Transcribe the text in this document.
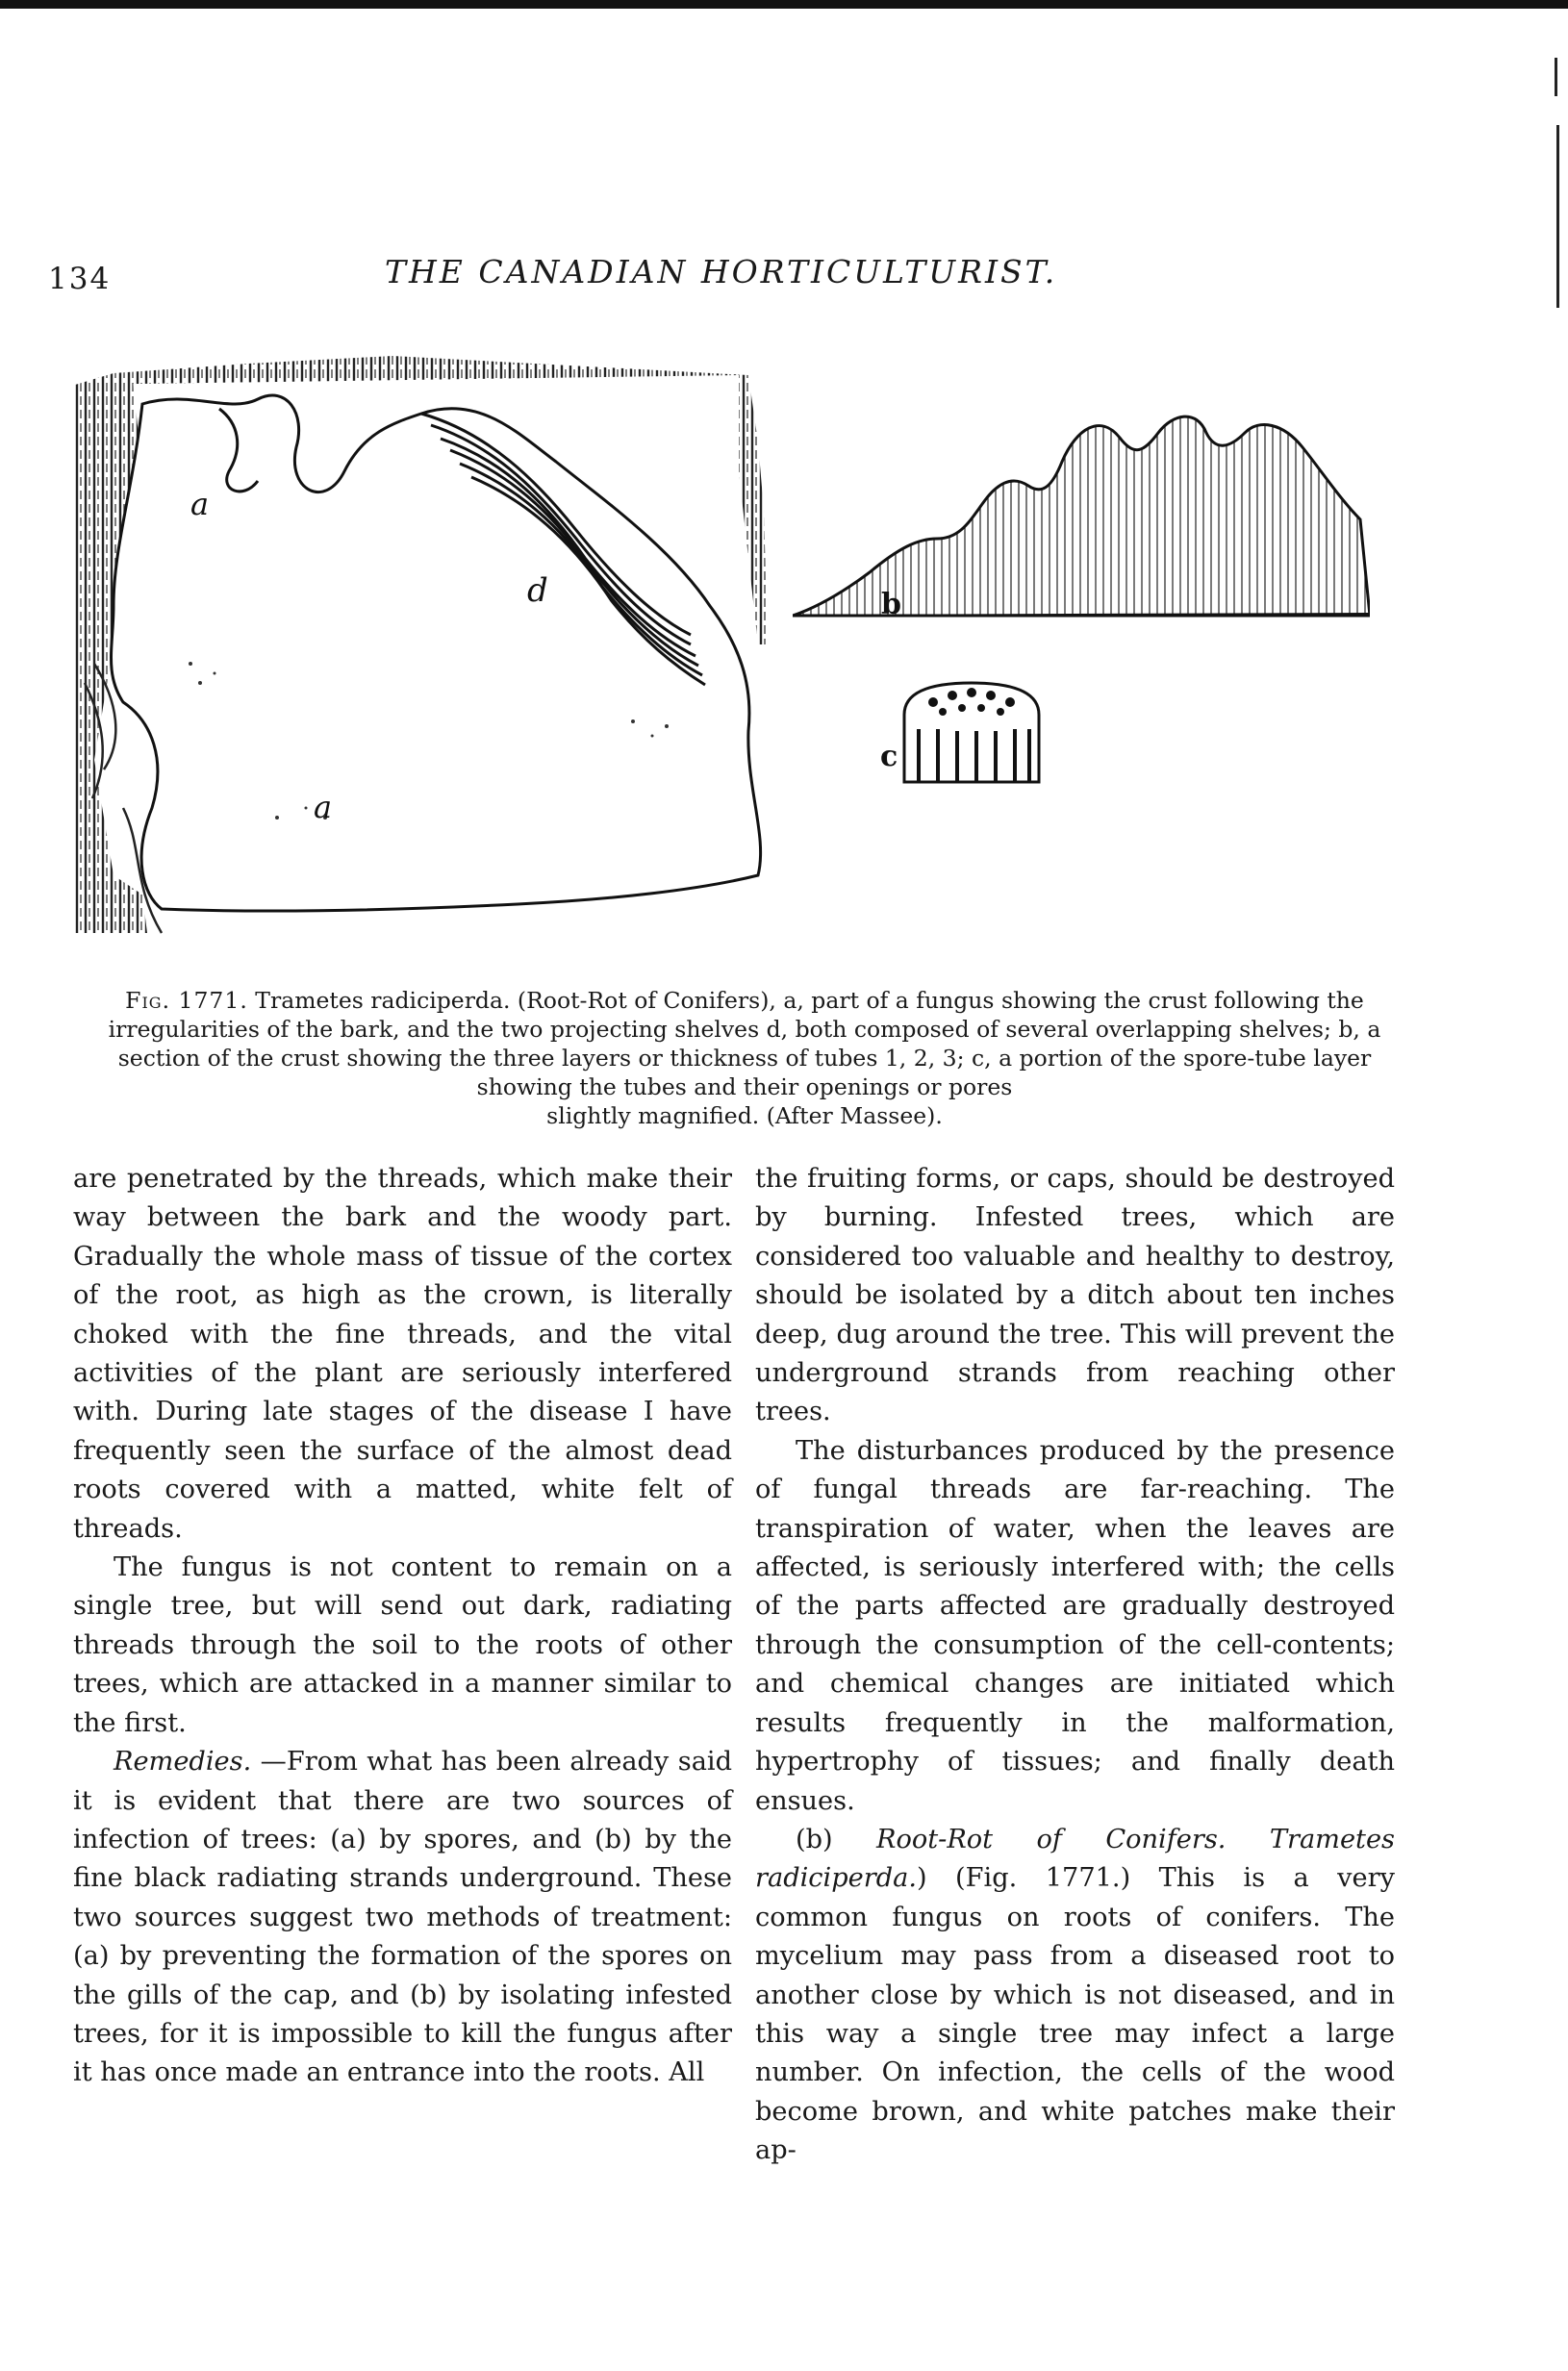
134	THE CANADIAN HORTICULTURIST.
a
a
d	b
c
Fig. 1771. Trametes radiciperda. (Root-Rot of Conifers), a, part of a fungus showing the crust following the irregularities of the bark, and the two projecting shelves d, both composed of several overlapping shelves; b, a section of the crust showing the three layers or thickness of tubes 1, 2, 3; c, a portion of the spore-tube layer showing the tubes and their openings or pores
slightly magnified. (After Massee).

are penetrated by the threads, which make their way between the bark and the woody part. Gradually the whole mass of tissue of the cortex of the root, as high as the crown, is literally choked with the fine threads, and the vital activities of the plant are seriously interfered with. During late stages of the disease I have frequently seen the surface of the almost dead roots covered with a matted, white felt of threads.

The fungus is not content to remain on a single tree, but will send out dark, radiating threads through the soil to the roots of other trees, which are attacked in a manner similar to the first.

Remedies. —From what has been already said it is evident that there are two sources of infection of trees: (a) by spores, and (b) by the fine black radiating strands underground. These two sources suggest two methods of treatment: (a) by preventing the formation of the spores on the gills of the cap, and (b) by isolating infested trees, for it is impossible to kill the fungus after it has once made an entrance into the roots. All

the fruiting forms, or caps, should be destroyed by burning. Infested trees, which are considered too valuable and healthy to destroy, should be isolated by a ditch about ten inches deep, dug around the tree. This will prevent the underground strands from reaching other trees.

The disturbances produced by the presence of fungal threads are far-reaching. The transpiration of water, when the leaves are affected, is seriously interfered with; the cells of the parts affected are gradually destroyed through the consumption of the cell-contents; and chemical changes are initiated which results frequently in the malformation, hypertrophy of tissues; and finally death ensues.

(b) Root-Rot of Conifers. Trametes radiciperda.) (Fig. 1771.) This is a very common fungus on roots of conifers. The mycelium may pass from a diseased root to another close by which is not diseased, and in this way a single tree may infect a large number. On infection, the cells of the wood become brown, and white patches make their ap-
